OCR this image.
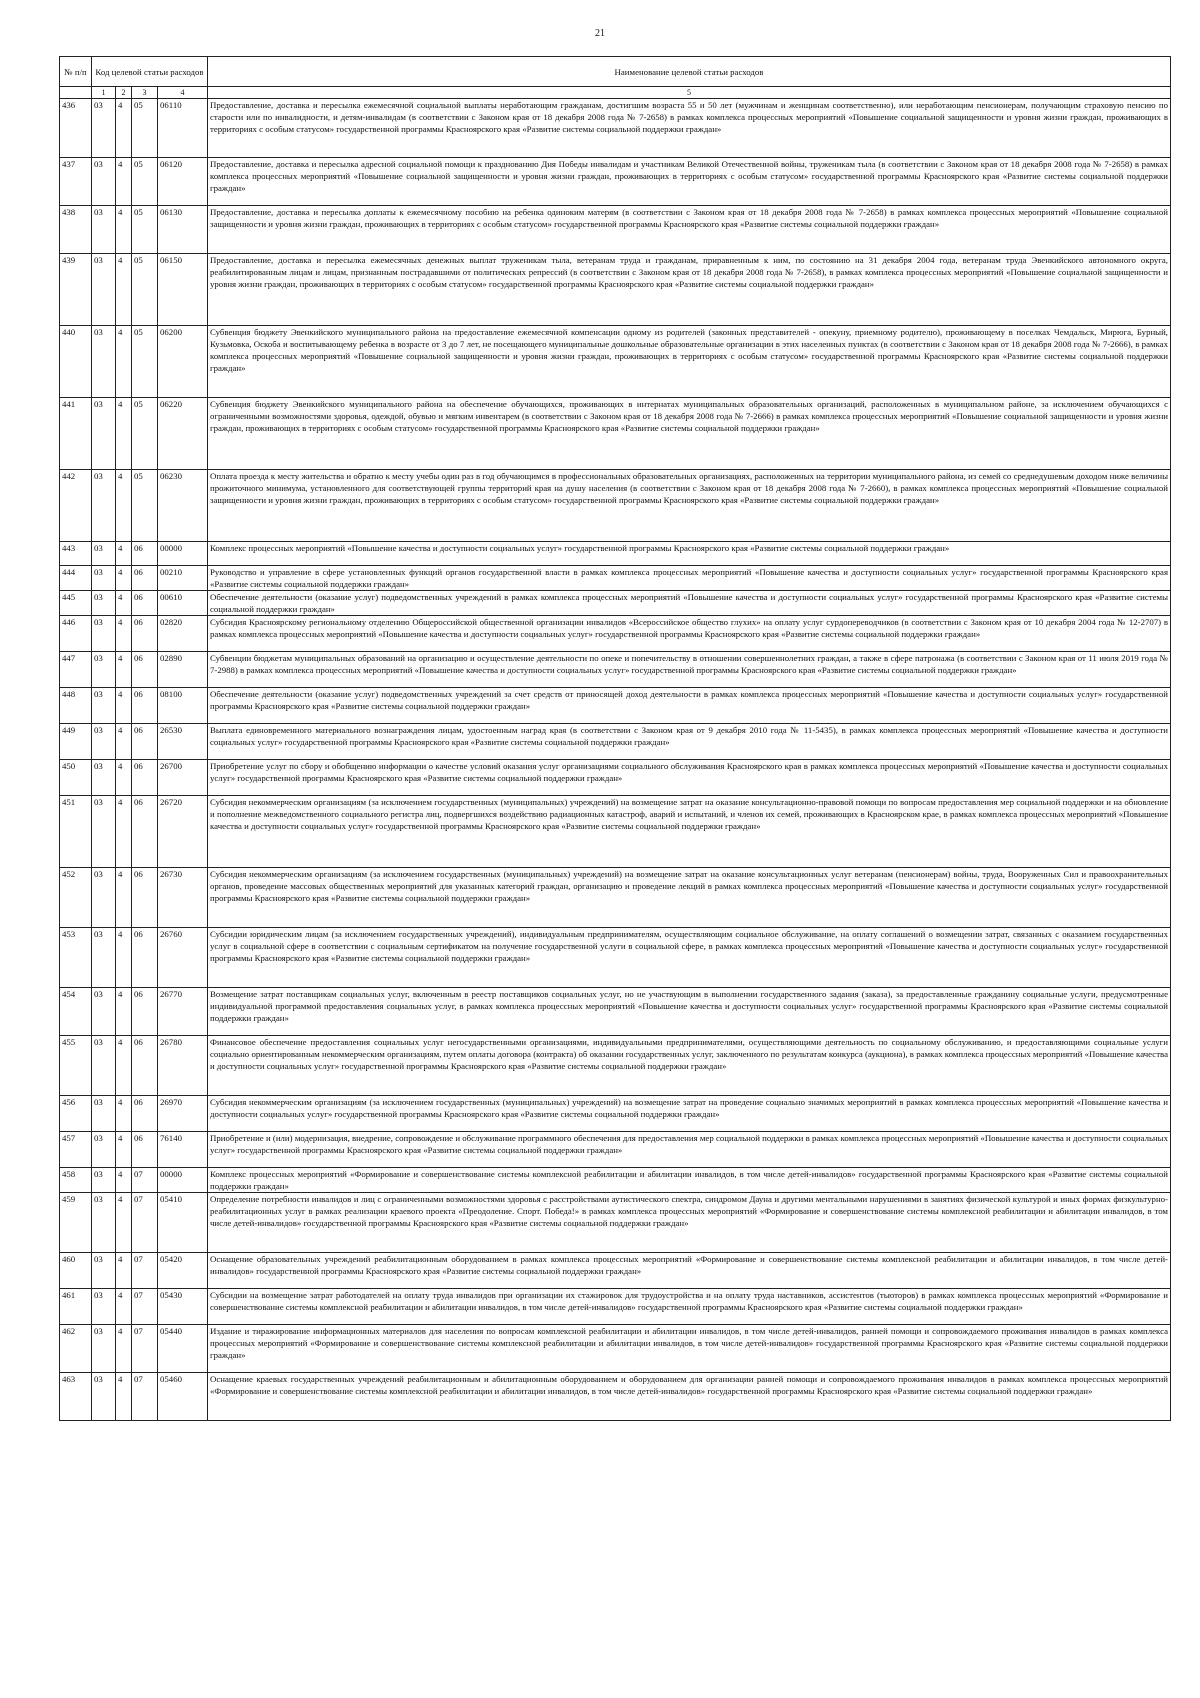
21
№ п/п	Код целевой статьи расходов				Наименование целевой статьи расходов
	1	2	3	4	5
436	03	4	05	06110	Предоставление, доставка и пересылка ежемесячной социальной выплаты неработающим гражданам, достигшим возраста 55 и 50 лет (мужчинам и женщинам соответственно), или неработающим пенсионерам, получающим страховую пенсию по старости или по инвалидности, и детям-инвалидам (в соответствии с Законом края от 18 декабря 2008 года № 7-2658) в рамках комплекса процессных мероприятий «Повышение социальной защищенности и уровня жизни граждан, проживающих в территориях с особым статусом» государственной программы Красноярского края «Развитие системы социальной поддержки граждан»
437	03	4	05	06120	Предоставление, доставка и пересылка адресной социальной помощи к празднованию Дня Победы инвалидам и участникам Великой Отечественной войны, труженикам тыла (в соответствии с Законом края от 18 декабря 2008 года № 7-2658) в рамках комплекса процессных мероприятий «Повышение социальной защищенности и уровня жизни граждан, проживающих в территориях с особым статусом» государственной программы Красноярского края «Развитие системы социальной поддержки граждан»
438	03	4	05	06130	Предоставление, доставка и пересылка доплаты к ежемесячному пособию на ребенка одиноким матерям (в соответствии с Законом края от 18 декабря 2008 года № 7-2658) в рамках комплекса процессных мероприятий «Повышение социальной защищенности и уровня жизни граждан, проживающих в территориях с особым статусом» государственной программы Красноярского края «Развитие системы социальной поддержки граждан»
439	03	4	05	06150	Предоставление, доставка и пересылка ежемесячных денежных выплат труженикам тыла, ветеранам труда и гражданам, приравненным к ним, по состоянию на 31 декабря 2004 года, ветеранам труда Эвенкийского автономного округа, реабилитированным лицам и лицам, признанным пострадавшими от политических репрессий (в соответствии с Законом края от 18 декабря 2008 года № 7-2658), в рамках комплекса процессных мероприятий «Повышение социальной защищенности и уровня жизни граждан, проживающих в территориях с особым статусом» государственной программы Красноярского края «Развитие системы социальной поддержки граждан»
440	03	4	05	06200	Субвенция бюджету Эвенкийского муниципального района на предоставление ежемесячной компенсации одному из родителей (законных представителей - опекуну, приемному родителю), проживающему в поселках Чемдальск, Мирюга, Бурный, Кузьмовка, Оскоба и воспитывающему ребенка в возрасте от 3 до 7 лет, не посещающего муниципальные дошкольные образовательные организации в этих населенных пунктах (в соответствии с Законом края от 18 декабря 2008 года № 7-2666), в рамках комплекса процессных мероприятий «Повышение социальной защищенности и уровня жизни граждан, проживающих в территориях с особым статусом» государственной программы Красноярского края «Развитие системы социальной поддержки граждан»
441	03	4	05	06220	Субвенция бюджету Эвенкийского муниципального района на обеспечение обучающихся, проживающих в интернатах муниципальных образовательных организаций, расположенных в муниципальном районе, за исключением обучающихся с ограниченными возможностями здоровья, одеждой, обувью и мягким инвентарем (в соответствии с Законом края от 18 декабря 2008 года № 7-2666) в рамках комплекса процессных мероприятий «Повышение социальной защищенности и уровня жизни граждан, проживающих в территориях с особым статусом» государственной программы Красноярского края «Развитие системы социальной поддержки граждан»
442	03	4	05	06230	Оплата проезда к месту жительства и обратно к месту учебы один раз в год обучающимся в профессиональных образовательных организациях, расположенных на территории муниципального района, из семей со среднедушевым доходом ниже величины прожиточного минимума, установленного для соответствующей группы территорий края на душу населения (в соответствии с Законом края от 18 декабря 2008 года № 7-2660), в рамках комплекса процессных мероприятий «Повышение социальной защищенности и уровня жизни граждан, проживающих в территориях с особым статусом» государственной программы Красноярского края «Развитие системы социальной поддержки граждан»
443	03	4	06	00000	Комплекс процессных мероприятий «Повышение качества и доступности социальных услуг» государственной программы Красноярского края «Развитие системы социальной поддержки граждан»
444	03	4	06	00210	Руководство и управление в сфере установленных функций органов государственной власти в рамках комплекса процессных мероприятий «Повышение качества и доступности социальных услуг» государственной программы Красноярского края «Развитие системы социальной поддержки граждан»
445	03	4	06	00610	Обеспечение деятельности (оказание услуг) подведомственных учреждений в рамках комплекса процессных мероприятий «Повышение качества и доступности социальных услуг» государственной программы Красноярского края «Развитие системы социальной поддержки граждан»
446	03	4	06	02820	Субсидия Красноярскому региональному отделению Общероссийской общественной организации инвалидов «Всероссийское общество глухих» на оплату услуг сурдопереводчиков (в соответствии с Законом края от 10 декабря 2004 года № 12-2707) в рамках комплекса процессных мероприятий «Повышение качества и доступности социальных услуг» государственной программы Красноярского края «Развитие системы социальной поддержки граждан»
447	03	4	06	02890	Субвенции бюджетам муниципальных образований на организацию и осуществление деятельности по опеке и попечительству в отношении совершеннолетних граждан, а также в сфере патронажа (в соответствии с Законом края от 11 июля 2019 года № 7-2988) в рамках комплекса процессных мероприятий «Повышение качества и доступности социальных услуг» государственной программы Красноярского края «Развитие системы социальной поддержки граждан»
448	03	4	06	08100	Обеспечение деятельности (оказание услуг) подведомственных учреждений за счет средств от приносящей доход деятельности в рамках комплекса процессных мероприятий «Повышение качества и доступности социальных услуг» государственной программы Красноярского края «Развитие системы социальной поддержки граждан»
449	03	4	06	26530	Выплата единовременного материального вознаграждения лицам, удостоенным наград края (в соответствии с Законом края от 9 декабря 2010 года № 11-5435), в рамках комплекса процессных мероприятий «Повышение качества и доступности социальных услуг» государственной программы Красноярского края «Развитие системы социальной поддержки граждан»
450	03	4	06	26700	Приобретение услуг по сбору и обобщению информации о качестве условий оказания услуг организациями социального обслуживания Красноярского края в рамках комплекса процессных мероприятий «Повышение качества и доступности социальных услуг» государственной программы Красноярского края «Развитие системы социальной поддержки граждан»
451	03	4	06	26720	Субсидия некоммерческим организациям (за исключением государственных (муниципальных) учреждений) на возмещение затрат на оказание консультационно-правовой помощи по вопросам предоставления мер социальной поддержки и на обновление и пополнение межведомственного социального регистра лиц, подвергшихся воздействию радиационных катастроф, аварий и испытаний, и членов их семей, проживающих в Красноярском крае, в рамках комплекса процессных мероприятий «Повышение качества и доступности социальных услуг» государственной программы Красноярского края «Развитие системы социальной поддержки граждан»
452	03	4	06	26730	Субсидия некоммерческим организациям (за исключением государственных (муниципальных) учреждений) на возмещение затрат на оказание консультационных услуг ветеранам (пенсионерам) войны, труда, Вооруженных Сил и правоохранительных органов, проведение массовых общественных мероприятий для указанных категорий граждан, организацию и проведение лекций в рамках комплекса процессных мероприятий «Повышение качества и доступности социальных услуг» государственной программы Красноярского края «Развитие системы социальной поддержки граждан»
453	03	4	06	26760	Субсидии юридическим лицам (за исключением государственных учреждений), индивидуальным предпринимателям, осуществляющим социальное обслуживание, на оплату соглашений о возмещении затрат, связанных с оказанием государственных услуг в социальной сфере в соответствии с социальным сертификатом на получение государственной услуги в социальной сфере, в рамках комплекса процессных мероприятий «Повышение качества и доступности социальных услуг» государственной программы Красноярского края «Развитие системы социальной поддержки граждан»
454	03	4	06	26770	Возмещение затрат поставщикам социальных услуг, включенным в реестр поставщиков социальных услуг, но не участвующим в выполнении государственного задания (заказа), за предоставленные гражданину социальные услуги, предусмотренные индивидуальной программой предоставления социальных услуг, в рамках комплекса процессных мероприятий «Повышение качества и доступности социальных услуг» государственной программы Красноярского края «Развитие системы социальной поддержки граждан»
455	03	4	06	26780	Финансовое обеспечение предоставления социальных услуг негосударственными организациями, индивидуальными предпринимателями, осуществляющими деятельность по социальному обслуживанию, и предоставляющими социальные услуги социально ориентированным некоммерческим организациям, путем оплаты договора (контракта) об оказании государственных услуг, заключенного по результатам конкурса (аукциона), в рамках комплекса процессных мероприятий «Повышение качества и доступности социальных услуг» государственной программы Красноярского края «Развитие системы социальной поддержки граждан»
456	03	4	06	26970	Субсидия некоммерческим организациям (за исключением государственных (муниципальных) учреждений) на возмещение затрат на проведение социально значимых мероприятий в рамках комплекса процессных мероприятий «Повышение качества и доступности социальных услуг» государственной программы Красноярского края «Развитие системы социальной поддержки граждан»
457	03	4	06	76140	Приобретение и (или) модернизация, внедрение, сопровождение и обслуживание программного обеспечения для предоставления мер социальной поддержки в рамках комплекса процессных мероприятий «Повышение качества и доступности социальных услуг» государственной программы Красноярского края «Развитие системы социальной поддержки граждан»
458	03	4	07	00000	Комплекс процессных мероприятий «Формирование и совершенствование системы комплексной реабилитации и абилитации инвалидов, в том числе детей-инвалидов» государственной программы Красноярского края «Развитие системы социальной поддержки граждан»
459	03	4	07	05410	Определение потребности инвалидов и лиц с ограниченными возможностями здоровья с расстройствами аутистического спектра, синдромом Дауна и другими ментальными нарушениями в занятиях физической культурой и иных формах физкультурно-реабилитационных услуг в рамках реализации краевого проекта «Преодоление. Спорт. Победа!» в рамках комплекса процессных мероприятий «Формирование и совершенствование системы комплексной реабилитации и абилитации инвалидов, в том числе детей-инвалидов» государственной программы Красноярского края «Развитие системы социальной поддержки граждан»
460	03	4	07	05420	Оснащение образовательных учреждений реабилитационным оборудованием в рамках комплекса процессных мероприятий «Формирование и совершенствование системы комплексной реабилитации и абилитации инвалидов, в том числе детей-инвалидов» государственной программы Красноярского края «Развитие системы социальной поддержки граждан»
461	03	4	07	05430	Субсидии на возмещение затрат работодателей на оплату труда инвалидов при организации их стажировок для трудоустройства и на оплату труда наставников, ассистентов (тьюторов) в рамках комплекса процессных мероприятий «Формирование и совершенствование системы комплексной реабилитации и абилитации инвалидов, в том числе детей-инвалидов» государственной программы Красноярского края «Развитие системы социальной поддержки граждан»
462	03	4	07	05440	Издание и тиражирование информационных материалов для населения по вопросам комплексной реабилитации и абилитации инвалидов, в том числе детей-инвалидов, ранней помощи и сопровождаемого проживания инвалидов в рамках комплекса процессных мероприятий «Формирование и совершенствование системы комплексной реабилитации и абилитации инвалидов, в том числе детей-инвалидов» государственной программы Красноярского края «Развитие системы социальной поддержки граждан»
463	03	4	07	05460	Оснащение краевых государственных учреждений реабилитационным и абилитационным оборудованием и оборудованием для организации ранней помощи и сопровождаемого проживания инвалидов в рамках комплекса процессных мероприятий «Формирование и совершенствование системы комплексной реабилитации и абилитации инвалидов, в том числе детей-инвалидов» государственной программы Красноярского края «Развитие системы социальной поддержки граждан»
